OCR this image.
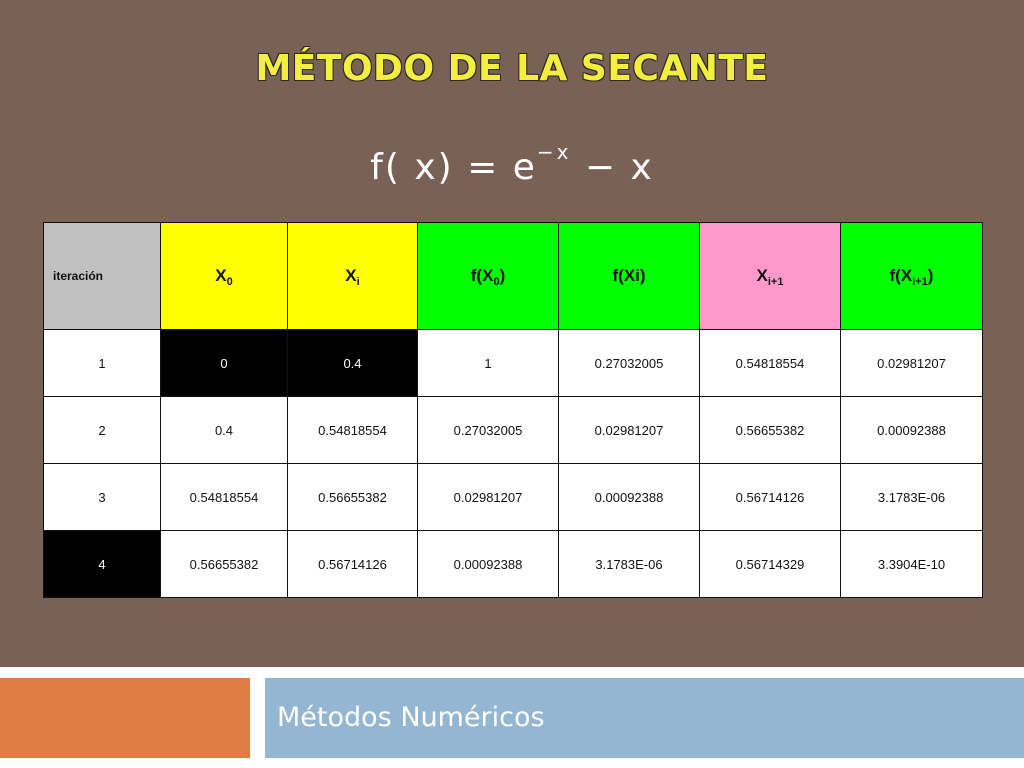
MÉTODO DE LA SECANTE
f( $x) = e^{-x} - x$
iteración	$X_0$	$X_i$	$f(X_0)$	f(Xi)	$X_{i+1}$	$f(X_{i+1})$
1	0	0.4	1	0.27032005	0.54818554	0.02981207
2	0.4	0.54818554	0.27032005	0.02981207	0.56655382	0.00092388
3	0.54818554	0.56655382	0.02981207	0.00092388	0.56714126	3.1783E-06
4	0.56655382	0.56714126	0.00092388	3.1783E-06	0.56714329	3.3904E-10
Métodos Numéricos
